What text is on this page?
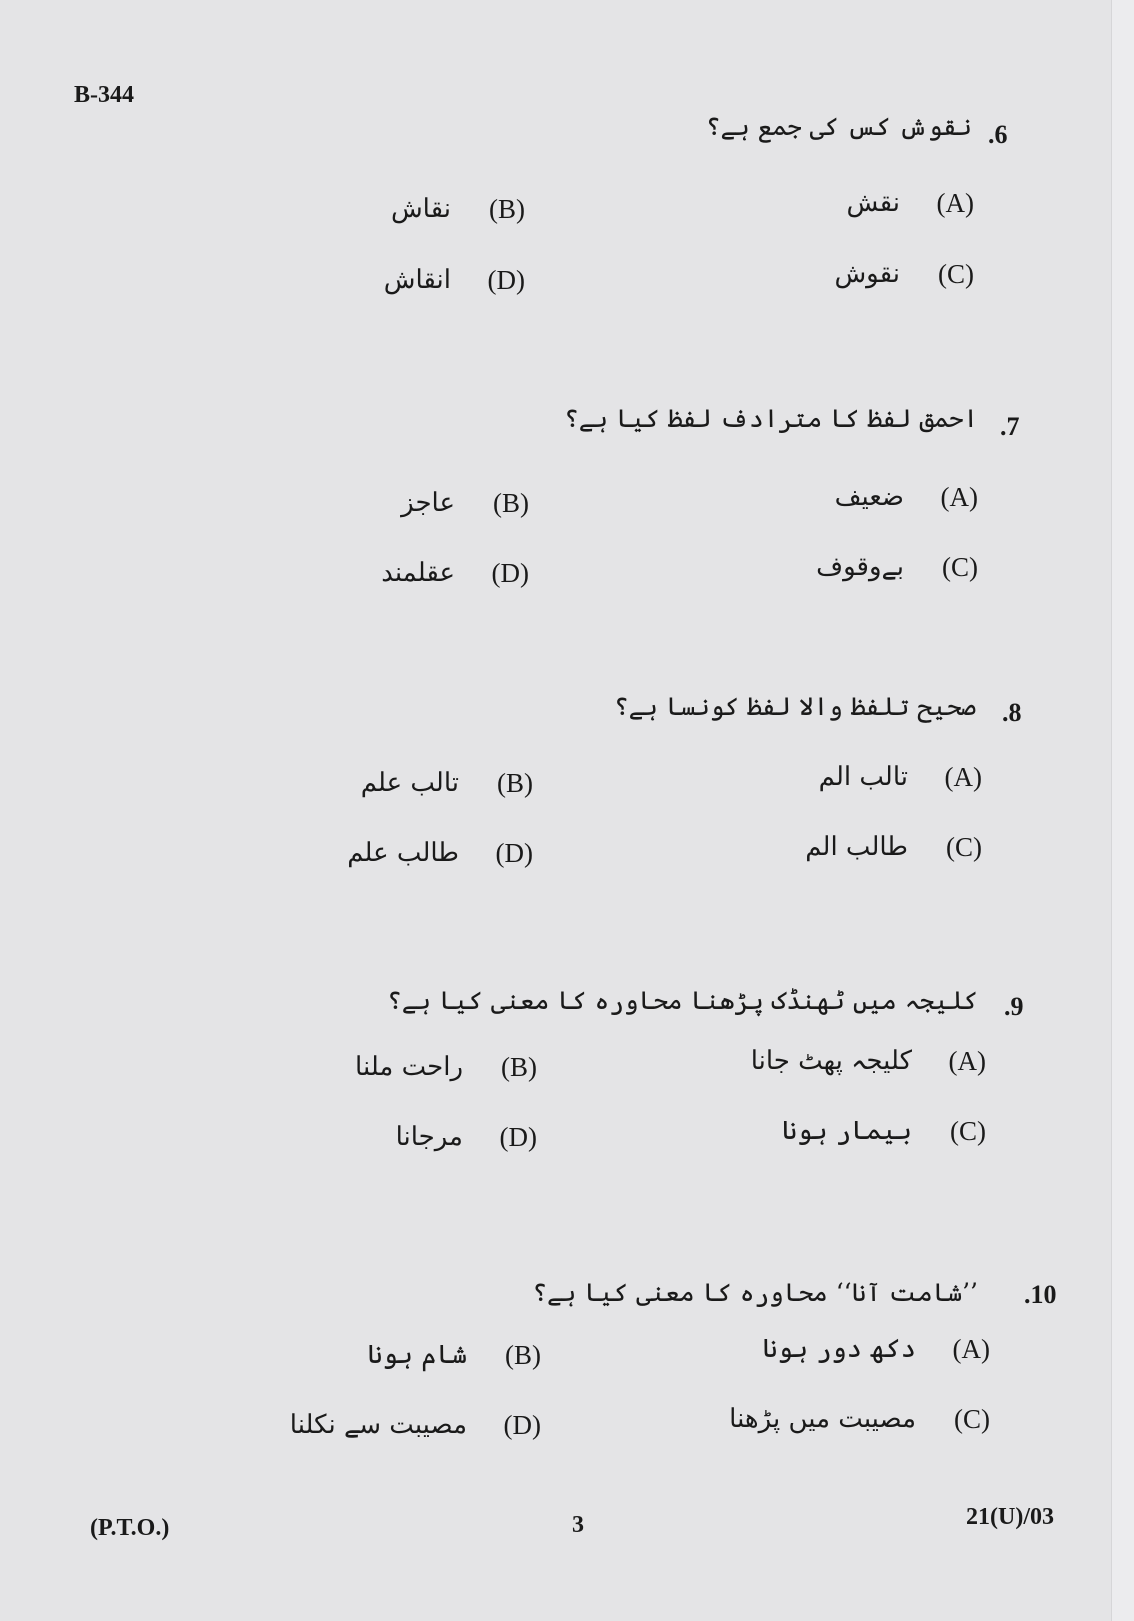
B-344
.6
نقوش کس کی جمع ہے؟
نقش	(A)
نقاش	(B)
نقوش	(C)
انقاش	(D)
.7
احمق لفظ کا مترادف لفظ کیا ہے؟
ضعیف	(A)
عاجز	(B)
بےوقوف	(C)
عقلمند	(D)
.8
صحیح تلفظ والا لفظ کونسا ہے؟
تالب الم	(A)
تالب علم	(B)
طالب الم	(C)
طالب علم	(D)
.9
کلیجہ میں ٹھنڈک پڑھنا محاورہ کا معنی کیا ہے؟
کلیجہ پھٹ جانا	(A)
راحت ملنا	(B)
بیمار ہونا	(C)
مرجانا	(D)
.10
’’شامت آنا‘‘ محاورہ کا معنی کیا ہے؟
دکھ دور ہونا	(A)
شام ہونا	(B)
مصیبت میں پڑھنا	(C)
مصیبت سے نکلنا	(D)
(P.T.O.)	3	21(U)/03
